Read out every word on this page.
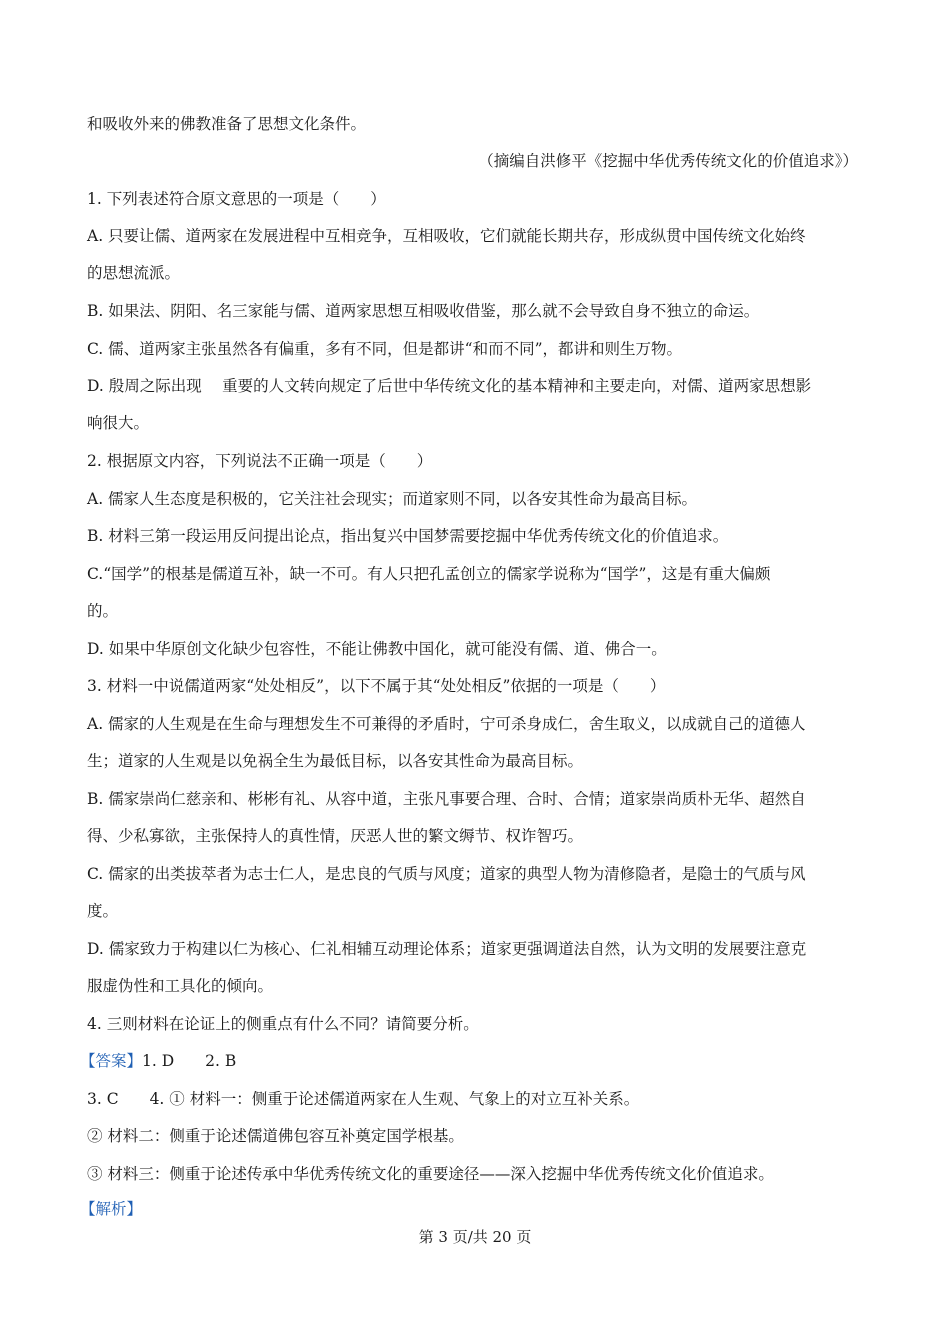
和吸收外来的佛教准备了思想文化条件。
（摘编自洪修平《挖掘中华优秀传统文化的价值追求》）
1. 下列表述符合原文意思的一项是（　　）
A. 只要让儒、道两家在发展进程中互相竞争，互相吸收，它们就能长期共存，形成纵贯中国传统文化始终
的思想流派。
B. 如果法、阴阳、名三家能与儒、道两家思想互相吸收借鉴，那么就不会导致自身不独立的命运。
C. 儒、道两家主张虽然各有偏重，多有不同，但是都讲“和而不同”，都讲和则生万物。
D. 殷周之际出现　 重要的人文转向规定了后世中华传统文化的基本精神和主要走向，对儒、道两家思想影
响很大。
2. 根据原文内容，下列说法不正确一项是（　　）
A. 儒家人生态度是积极的，它关注社会现实；而道家则不同，以各安其性命为最高目标。
B. 材料三第一段运用反问提出论点，指出复兴中国梦需要挖掘中华优秀传统文化的价值追求。
C.“国学”的根基是儒道互补，缺一不可。有人只把孔孟创立的儒家学说称为“国学”，这是有重大偏颇
的。
D. 如果中华原创文化缺少包容性，不能让佛教中国化，就可能没有儒、道、佛合一。
3. 材料一中说儒道两家“处处相反”，以下不属于其“处处相反”依据的一项是（　　）
A. 儒家的人生观是在生命与理想发生不可兼得的矛盾时，宁可杀身成仁，舍生取义，以成就自己的道德人
生；道家的人生观是以免祸全生为最低目标，以各安其性命为最高目标。
B. 儒家崇尚仁慈亲和、彬彬有礼、从容中道，主张凡事要合理、合时、合情；道家崇尚质朴无华、超然自
得、少私寡欲，主张保持人的真性情，厌恶人世的繁文缛节、权诈智巧。
C. 儒家的出类拔萃者为志士仁人，是忠良的气质与风度；道家的典型人物为清修隐者，是隐士的气质与风
度。
D. 儒家致力于构建以仁为核心、仁礼相辅互动理论体系；道家更强调道法自然，认为文明的发展要注意克
服虚伪性和工具化的倾向。
4. 三则材料在论证上的侧重点有什么不同？请简要分析。
【答案】1. D　　2. B
3. C　　4. ① 材料一：侧重于论述儒道两家在人生观、气象上的对立互补关系。
② 材料二：侧重于论述儒道佛包容互补奠定国学根基。
③ 材料三：侧重于论述传承中华优秀传统文化的重要途径——深入挖掘中华优秀传统文化价值追求。
【解析】
第 3 页/共 20 页
